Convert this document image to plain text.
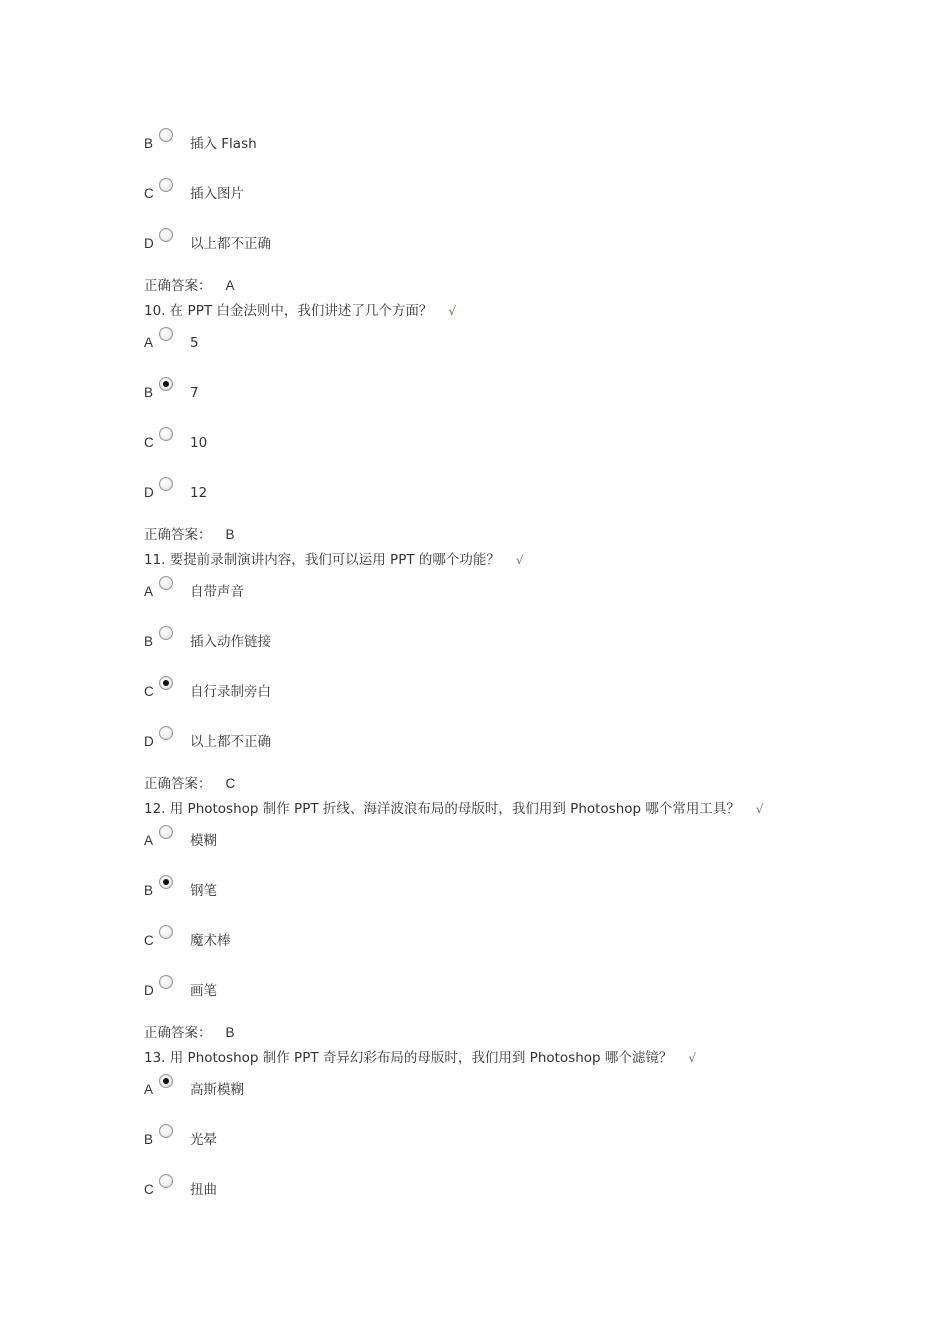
B	插入 Flash
C	插入图片
D	以上都不正确
正确答案： A
10. 在 PPT 白金法则中，我们讲述了几个方面？ √
A	5
B	7
C	10
D	12
正确答案： B
11. 要提前录制演讲内容，我们可以运用 PPT 的哪个功能？ √
A	自带声音
B	插入动作链接
C	自行录制旁白
D	以上都不正确
正确答案： C
12. 用 Photoshop 制作 PPT 折线、海洋波浪布局的母版时，我们用到 Photoshop 哪个常用工具？ √
A	模糊
B	钢笔
C	魔术棒
D	画笔
正确答案： B
13. 用 Photoshop 制作 PPT 奇异幻彩布局的母版时，我们用到 Photoshop 哪个滤镜？ √
A	高斯模糊
B	光晕
C	扭曲
